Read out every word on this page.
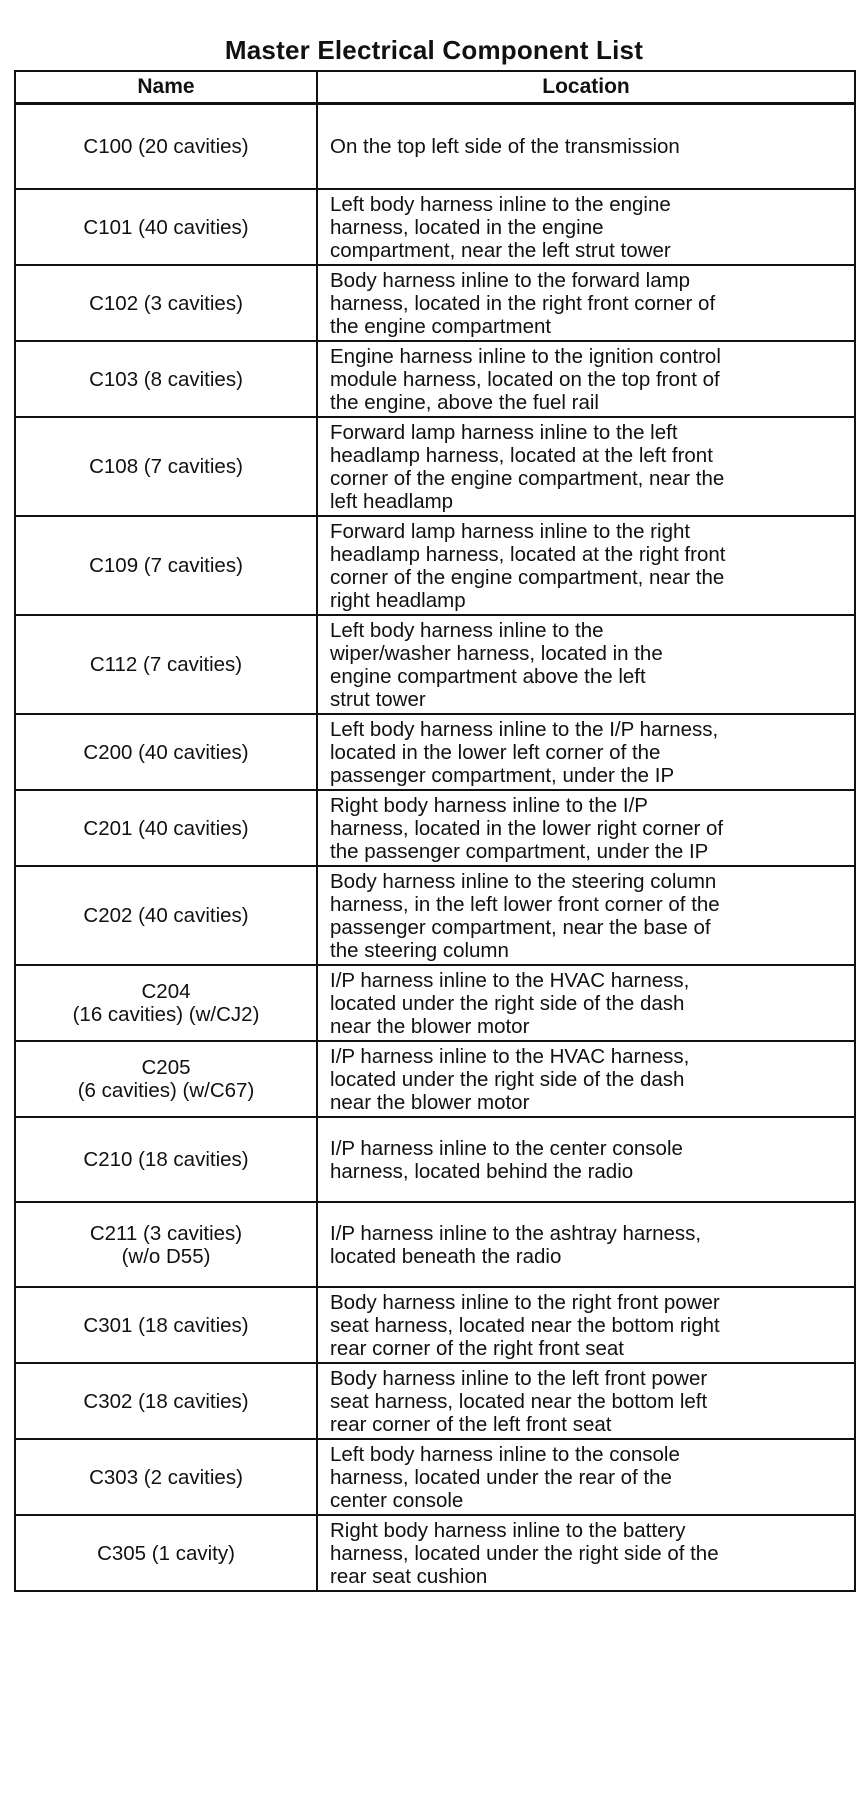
Master Electrical Component List
Name	Location
C100 (20 cavities)	On the top left side of the transmission
C101 (40 cavities)	Left body harness inline to the engine
harness, located in the engine
compartment, near the left strut tower
C102 (3 cavities)	Body harness inline to the forward lamp
harness, located in the right front corner of
the engine compartment
C103 (8 cavities)	Engine harness inline to the ignition control
module harness, located on the top front of
the engine, above the fuel rail
C108 (7 cavities)	Forward lamp harness inline to the left
headlamp harness, located at the left front
corner of the engine compartment, near the
left headlamp
C109 (7 cavities)	Forward lamp harness inline to the right
headlamp harness, located at the right front
corner of the engine compartment, near the
right headlamp
C112 (7 cavities)	Left body harness inline to the
wiper/washer harness, located in the
engine compartment above the left
strut tower
C200 (40 cavities)	Left body harness inline to the I/P harness,
located in the lower left corner of the
passenger compartment, under the IP
C201 (40 cavities)	Right body harness inline to the I/P
harness, located in the lower right corner of
the passenger compartment, under the IP
C202 (40 cavities)	Body harness inline to the steering column
harness, in the left lower front corner of the
passenger compartment, near the base of
the steering column
C204
(16 cavities) (w/CJ2)	I/P harness inline to the HVAC harness,
located under the right side of the dash
near the blower motor
C205
(6 cavities) (w/C67)	I/P harness inline to the HVAC harness,
located under the right side of the dash
near the blower motor
C210 (18 cavities)	I/P harness inline to the center console
harness, located behind the radio
C211 (3 cavities)
(w/o D55)	I/P harness inline to the ashtray harness,
located beneath the radio
C301 (18 cavities)	Body harness inline to the right front power
seat harness, located near the bottom right
rear corner of the right front seat
C302 (18 cavities)	Body harness inline to the left front power
seat harness, located near the bottom left
rear corner of the left front seat
C303 (2 cavities)	Left body harness inline to the console
harness, located under the rear of the
center console
C305 (1 cavity)	Right body harness inline to the battery
harness, located under the right side of the
rear seat cushion
